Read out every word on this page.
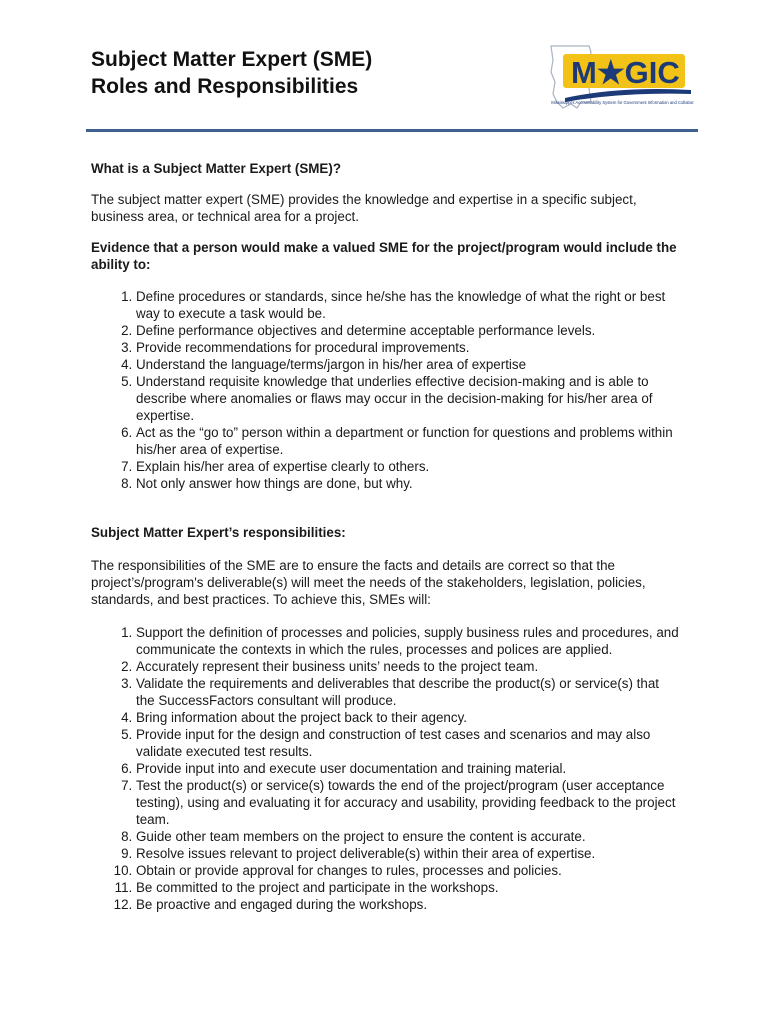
Subject Matter Expert (SME)
Roles and Responsibilities	M★GIC
Mississippi's Accountability System for Government Information and Collaboration

What is a Subject Matter Expert (SME)?

The subject matter expert (SME) provides the knowledge and expertise in a specific subject, business area, or technical area for a project.

Evidence that a person would make a valued SME for the project/program would include the ability to:

1. Define procedures or standards, since he/she has the knowledge of what the right or best way to execute a task would be.
2. Define performance objectives and determine acceptable performance levels.
3. Provide recommendations for procedural improvements.
4. Understand the language/terms/jargon in his/her area of expertise
5. Understand requisite knowledge that underlies effective decision-making and is able to describe where anomalies or flaws may occur in the decision-making for his/her area of expertise.
6. Act as the “go to” person within a department or function for questions and problems within his/her area of expertise.
7. Explain his/her area of expertise clearly to others.
8. Not only answer how things are done, but why.

Subject Matter Expert’s responsibilities:

The responsibilities of the SME are to ensure the facts and details are correct so that the project’s/program's deliverable(s) will meet the needs of the stakeholders, legislation, policies, standards, and best practices. To achieve this, SMEs will:

1. Support the definition of processes and policies, supply business rules and procedures, and communicate the contexts in which the rules, processes and polices are applied.
2. Accurately represent their business units’ needs to the project team.
3. Validate the requirements and deliverables that describe the product(s) or service(s) that the SuccessFactors consultant will produce.
4. Bring information about the project back to their agency.
5. Provide input for the design and construction of test cases and scenarios and may also validate executed test results.
6. Provide input into and execute user documentation and training material.
7. Test the product(s) or service(s) towards the end of the project/program (user acceptance testing), using and evaluating it for accuracy and usability, providing feedback to the project team.
8. Guide other team members on the project to ensure the content is accurate.
9. Resolve issues relevant to project deliverable(s) within their area of expertise.
10. Obtain or provide approval for changes to rules, processes and policies.
11. Be committed to the project and participate in the workshops.
12. Be proactive and engaged during the workshops.
